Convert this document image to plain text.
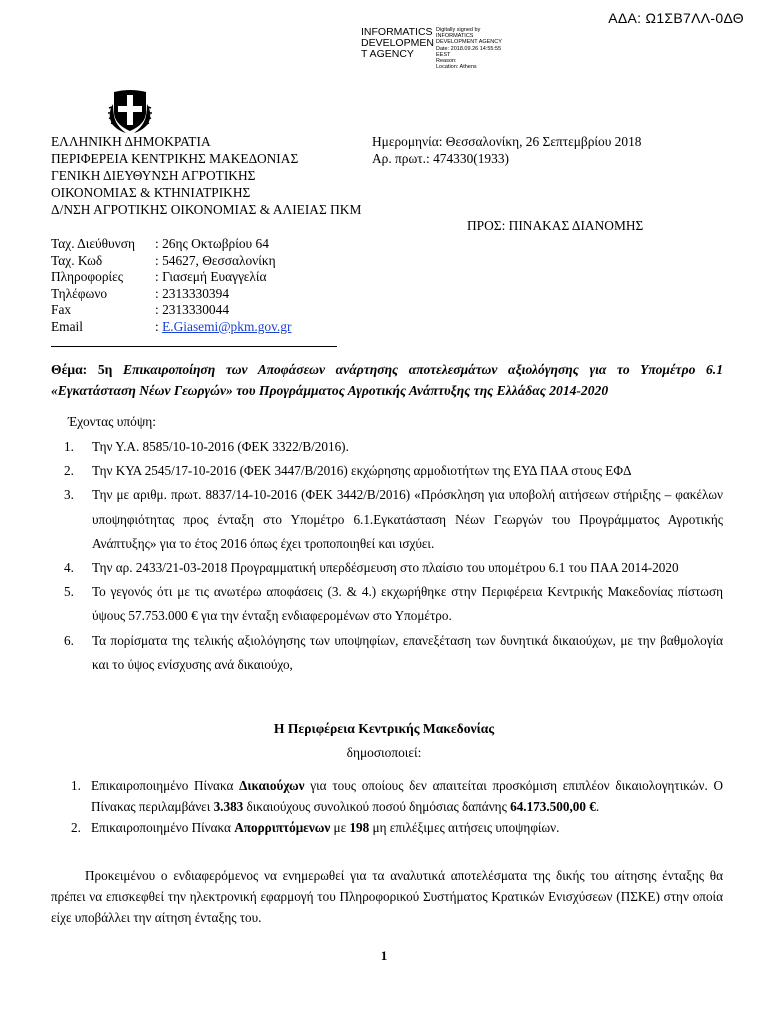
ΑΔΑ: Ω1ΣΒ7ΛΛ-0ΔΘ
INFORMATICS DEVELOPMEN T AGENCY
Digitally signed by
INFORMATICS
DEVELOPMENT AGENCY
Date: 2018.09.26 14:55:55
EEST
Reason:
Location: Athens
ΕΛΛΗΝΙΚΗ ΔΗΜΟΚΡΑΤΙΑ
ΠΕΡΙΦΕΡΕΙΑ ΚΕΝΤΡΙΚΗΣ ΜΑΚΕΔΟΝΙΑΣ
ΓΕΝΙΚΗ ΔΙΕΥΘΥΝΣΗ ΑΓΡΟΤΙΚΗΣ
ΟΙΚΟΝΟΜΙΑΣ & ΚΤΗΝΙΑΤΡΙΚΗΣ
Δ/ΝΣΗ ΑΓΡΟΤΙΚΗΣ ΟΙΚΟΝΟΜΙΑΣ & ΑΛΙΕΙΑΣ ΠΚΜ
Ημερομηνία: Θεσσαλονίκη, 26 Σεπτεμβρίου 2018
Αρ. πρωτ.: 474330(1933)
ΠΡΟΣ: ΠΙΝΑΚΑΣ ΔΙΑΝΟΜΗΣ
Ταχ. Διεύθυνση	: 26ης Οκτωβρίου 64
Ταχ. Κωδ	: 54627, Θεσσαλονίκη
Πληροφορίες	: Γιασεμή Ευαγγελία
Τηλέφωνο	: 2313330394
Fax	: 2313330044
Email	: E.Giasemi@pkm.gov.gr
Θέμα: 5η Επικαιροποίηση των Αποφάσεων ανάρτησης αποτελεσμάτων αξιολόγησης για το Υπομέτρο 6.1 «Εγκατάσταση Νέων Γεωργών» του Προγράμματος Αγροτικής Ανάπτυξης της Ελλάδας 2014-2020
Έχοντας υπόψη:
1.	Την Υ.Α. 8585/10-10-2016 (ΦΕΚ 3322/Β/2016).
2.	Την ΚΥΑ 2545/17-10-2016 (ΦΕΚ 3447/Β/2016) εκχώρησης αρμοδιοτήτων της ΕΥΔ ΠΑΑ στους ΕΦΔ
3.	Την με αριθμ. πρωτ. 8837/14-10-2016 (ΦΕΚ 3442/Β/2016) «Πρόσκληση για υποβολή αιτήσεων στήριξης – φακέλων υποψηφιότητας προς ένταξη στο Υπομέτρο 6.1.Εγκατάσταση Νέων Γεωργών του Προγράμματος Αγροτικής Ανάπτυξης» για το έτος 2016 όπως έχει τροποποιηθεί και ισχύει.
4.	Την αρ. 2433/21-03-2018 Προγραμματική υπερδέσμευση στο πλαίσιο του υπομέτρου 6.1 του ΠΑΑ 2014-2020
5.	Το γεγονός ότι με τις ανωτέρω αποφάσεις (3. & 4.) εκχωρήθηκε στην Περιφέρεια Κεντρικής Μακεδονίας πίστωση ύψους 57.753.000 € για την ένταξη ενδιαφερομένων στο Υπομέτρο.
6.	Τα πορίσματα της τελικής αξιολόγησης των υποψηφίων, επανεξέταση των δυνητικά δικαιούχων, με την βαθμολογία και το ύψος ενίσχυσης ανά δικαιούχο,
Η Περιφέρεια Κεντρικής Μακεδονίας
δημοσιοποιεί:
1. Επικαιροποιημένο Πίνακα Δικαιούχων για τους οποίους δεν απαιτείται προσκόμιση επιπλέον δικαιολογητικών. Ο Πίνακας περιλαμβάνει 3.383 δικαιούχους συνολικού ποσού δημόσιας δαπάνης 64.173.500,00 €.
2. Επικαιροποιημένο Πίνακα Απορριπτόμενων με 198 μη επιλέξιμες αιτήσεις υποψηφίων.
Προκειμένου ο ενδιαφερόμενος να ενημερωθεί για τα αναλυτικά αποτελέσματα της δικής του αίτησης ένταξης θα πρέπει να επισκεφθεί την ηλεκτρονική εφαρμογή του Πληροφορικού Συστήματος Κρατικών Ενισχύσεων (ΠΣΚΕ) στην οποία είχε υποβάλλει την αίτηση ένταξης του.
1
